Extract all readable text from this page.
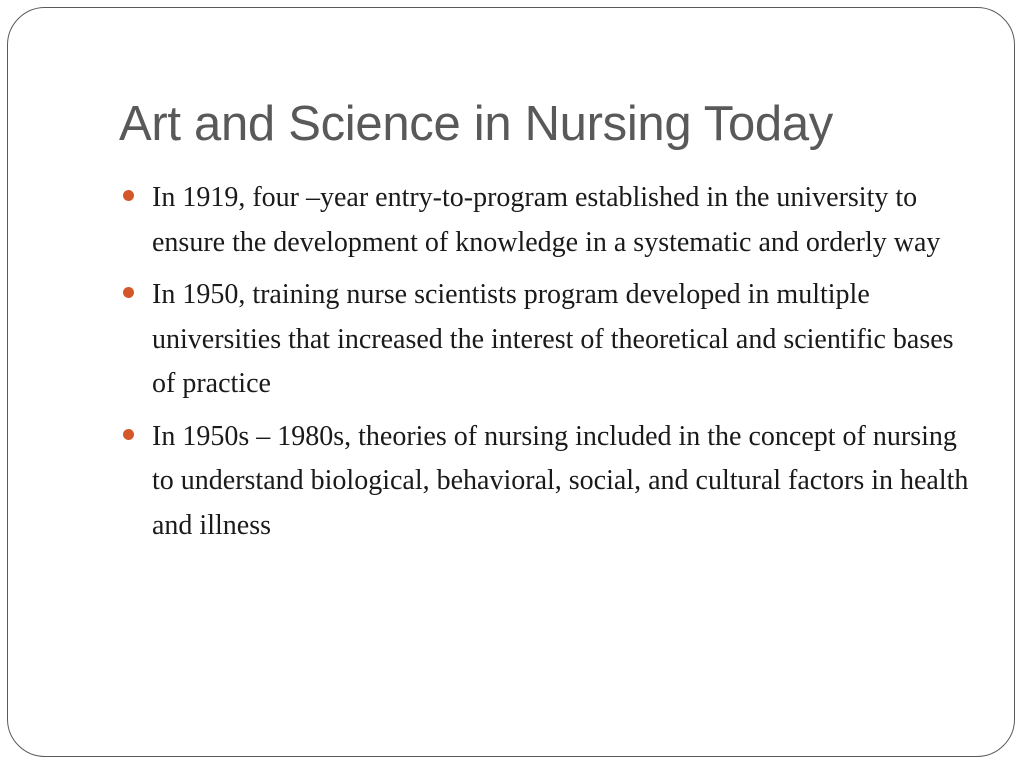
Art and Science in Nursing Today
In 1919, four –year entry-to-program established in the university to ensure the development of knowledge in a systematic and orderly way
In 1950, training nurse scientists program developed in multiple universities that increased the interest of theoretical and scientific bases of practice
In 1950s – 1980s, theories of nursing included in the concept of nursing to understand biological, behavioral, social, and cultural factors in health and illness
